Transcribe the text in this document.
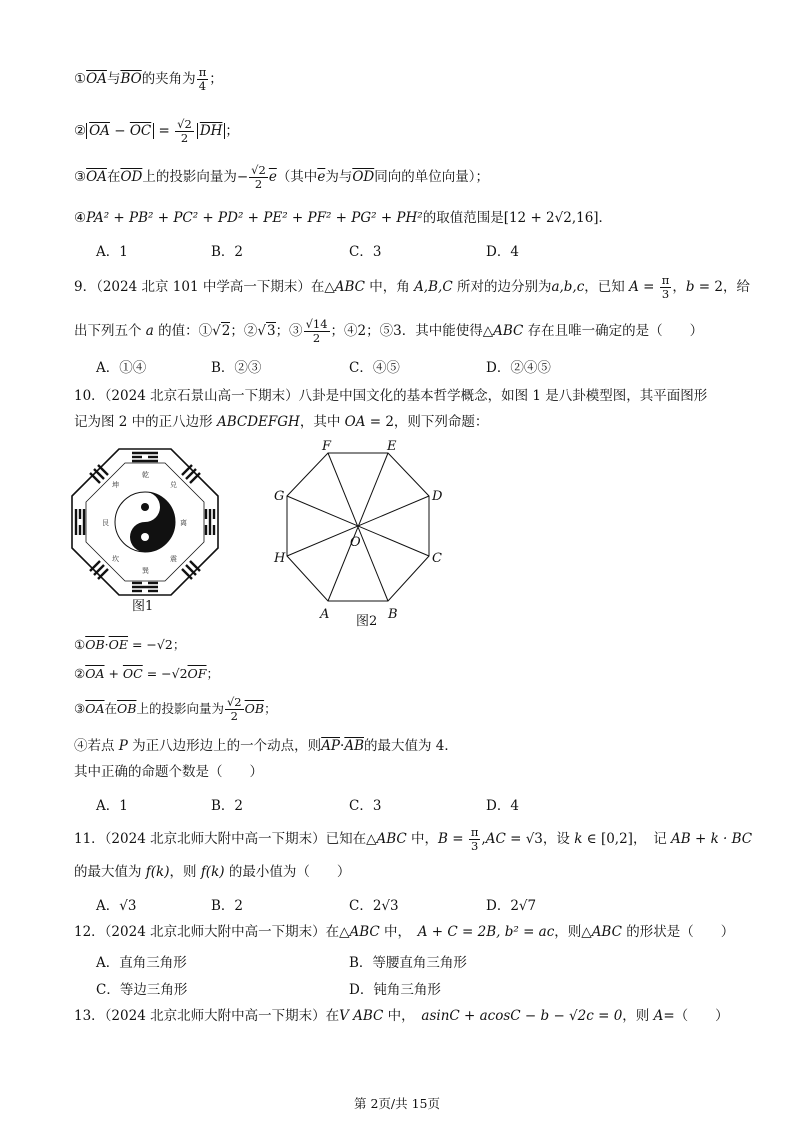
$①\overline{OA}$与$\overline{BO}$的夹角为 $\frac{\pi}{4}$ ；
② $\overline{OA} - \overline{OC} = \frac{√2}{2} \overline{DH}$ ；
$③\overline{OA}$在$\overline{OD}$上的投影向量为− $\frac{√2}{2} \overline{e}$（其中$\overline{e}$为与$\overline{OD}$同向的单位向量）；
④PA² + PB² + PC² + PD² + PE² + PF² + PG² + PH²的取值范围是[12 + 2√2,16]．
A．1	B．2	C．3	D．4
9．（2024 北京 101 中学高一下期末）在△ABC 中，角 A,B,C 所对的边分别为a,b,c，已知 $A = \frac{\pi}{3}$ ，b = 2，给
出下列五个 a 的值：①√2；②√3；③ $\frac{√14}{2}$ ；④2；⑤3．其中能使得△ABC 存在且唯一确定的是（　　）
A．①④	B．②③	C．④⑤	D．②④⑤
10．（2024 北京石景山高一下期末）八卦是中国文化的基本哲学概念，如图 1 是八卦模型图，其平面图形
记为图 2 中的正八边形 ABCDEFGH，其中 OA = 2，则下列命题：
乾
兑
离
震
巽
坎
艮
坤
图1
A	B
C
D
E
F
G
H
O
图2
$①\overline{OB}\cdot\overline{OE} = -√2$；
$②\overline{OA} + \overline{OC} = -√2\overline{OF}$；
$③\overline{OA}$在$\overline{OB}$上的投影向量为 $\frac{√2}{2} \overline{OB}$；
④若点 P 为正八边形边上的一个动点，则$\overline{AP}\cdot\overline{AB}$的最大值为 4．
其中正确的命题个数是（　　）
A．1	B．2	C．3	D．4
11．（2024 北京北师大附中高一下期末）已知在△ABC 中，$B = \frac{\pi}{3} ,AC = √3$，设 k ∈ [0,2]，　记 AB + k · BC
的最大值为 f(k)，则 f(k) 的最小值为（　　）
A．√3	B．2	C．2√3	D．2√7
12．（2024 北京北师大附中高一下期末）在△ABC 中，　A + C = 2B, b² = ac，则△ABC 的形状是（　　）
A．直角三角形	B．等腰直角三角形
C．等边三角形	D．钝角三角形
13．（2024 北京北师大附中高一下期末）在V ABC 中，　asinC + acosC − b − √2c = 0，则 A=（　　）
第 2页/共 15页
